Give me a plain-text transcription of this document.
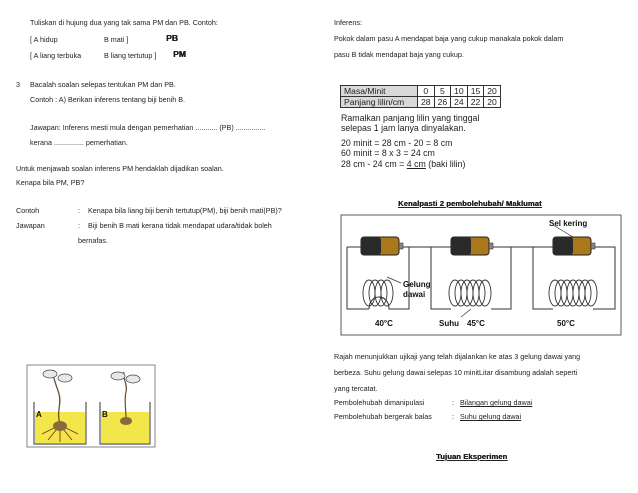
Tuliskan di hujung dua yang tak sama PM dan PB. Contoh:
[ A hidup	B mati ]	PB
[ A liang terbuka	B liang tertutup ] PM
3 Bacalah soalan selepas tentukan PM dan PB.
Contoh : A) Berikan inferens tentang biji benih B.
Jawapan: Inferens mesti mula dengan pemerhatian ........... (PB) ...............
kerana ............... pemerhatian.
Untuk menjawab soalan inferens PM hendaklah dijadikan soalan.
Kenapa bila PM, PB?
Contoh	: Kenapa bila liang biji benih tertutup(PM), biji benih mati(PB)?
Jawapan	: Biji benih B mati kerana tidak mendapat udara/tidak boleh
bernafas.
A	B
Inferens:
Pokok dalam pasu A mendapat baja yang cukup manakala pokok dalam
pasu B tidak mendapat baja yang cukup.
Masa/Minit	0	5	10	15	20
Panjang lilin/cm	28	26	24	22	20
Ramalkan panjang lilin yang tinggal
selepas 1 jam lanya dinyalakan.
20 minit = 28 cm - 20 = 8 cm
60 minit = 8 x 3 = 24 cm
28 cm - 24 cm = 4 cm (baki lilin)
Kenalpasti 2 pembolehubah/ Maklumat
Sel kering
Gelung
dawai
40°C	Suhu 45°C	50°C
Rajah menunjukkan ujikaji yang telah dijalankan ke atas 3 gelung dawai yang
berbeza. Suhu gelung dawai selepas 10 minitLitar disambung adalah seperti
yang tercatat.
Pembolehubah dimanipulasi	: Bilangan gelung dawai
Pembolehubah bergerak balas	: Suhu gelung dawai
Tujuan Eksperimen
